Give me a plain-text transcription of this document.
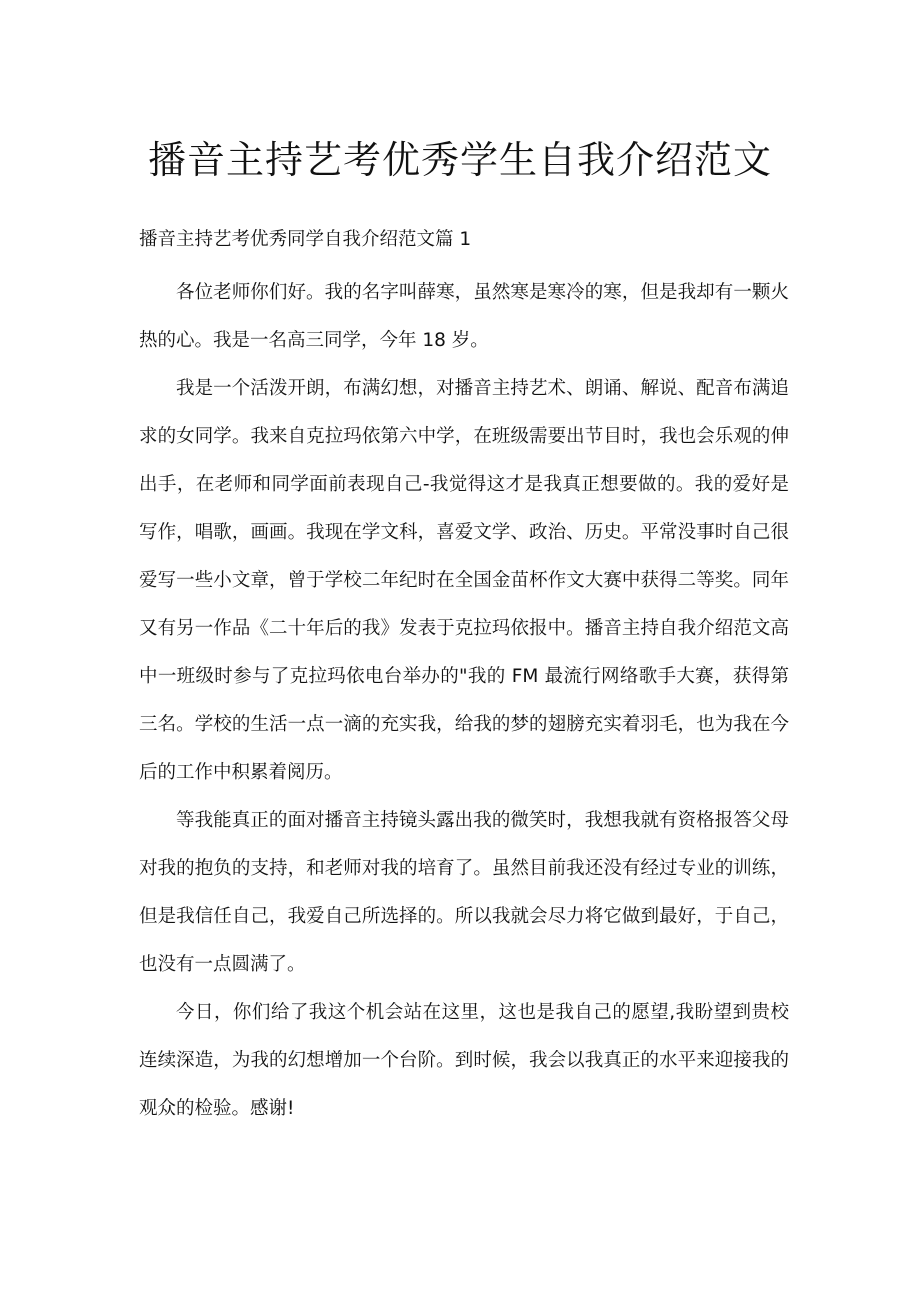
播音主持艺考优秀学生自我介绍范文

播音主持艺考优秀同学自我介绍范文篇 1

各位老师你们好。我的名字叫薛寒，虽然寒是寒冷的寒，但是我却有一颗火热的心。我是一名高三同学，今年 18 岁。

我是一个活泼开朗，布满幻想，对播音主持艺术、朗诵、解说、配音布满追求的女同学。我来自克拉玛依第六中学，在班级需要出节目时，我也会乐观的伸出手，在老师和同学面前表现自己-我觉得这才是我真正想要做的。我的爱好是写作，唱歌，画画。我现在学文科，喜爱文学、政治、历史。平常没事时自己很爱写一些小文章，曾于学校二年纪时在全国金苗杯作文大赛中获得二等奖。同年又有另一作品《二十年后的我》发表于克拉玛依报中。播音主持自我介绍范文高中一班级时参与了克拉玛依电台举办的"我的 FM 最流行网络歌手大赛，获得第三名。学校的生活一点一滴的充实我，给我的梦的翅膀充实着羽毛，也为我在今后的工作中积累着阅历。

等我能真正的面对播音主持镜头露出我的微笑时，我想我就有资格报答父母对我的抱负的支持，和老师对我的培育了。虽然目前我还没有经过专业的训练，但是我信任自己，我爱自己所选择的。所以我就会尽力将它做到最好，于自己，也没有一点圆满了。

今日，你们给了我这个机会站在这里，这也是我自己的愿望,我盼望到贵校连续深造，为我的幻想增加一个台阶。到时候，我会以我真正的水平来迎接我的观众的检验。感谢!
